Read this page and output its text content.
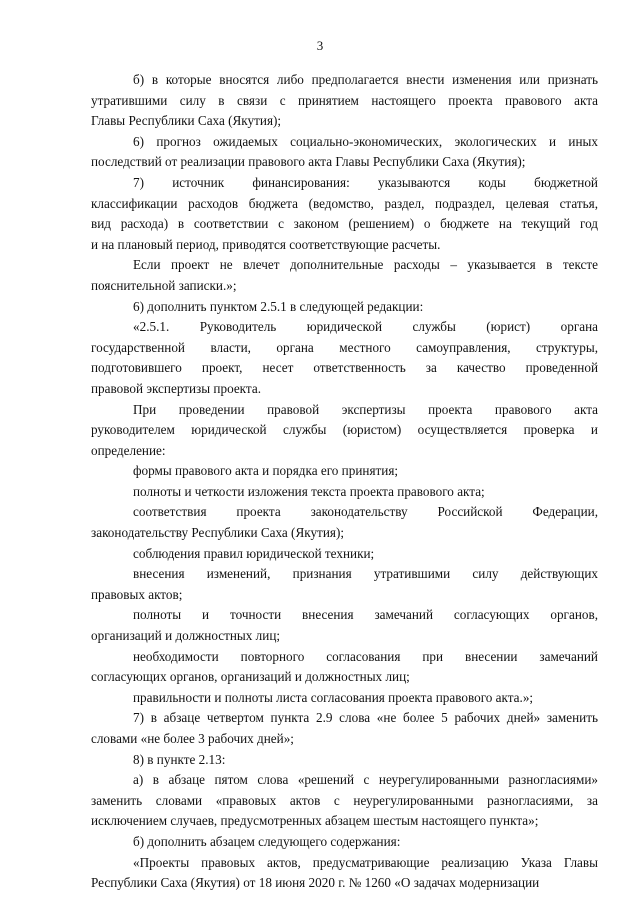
3
б) в которые вносятся либо предполагается внести изменения или признать
утратившими силу в связи с принятием настоящего проекта правового акта
Главы Республики Саха (Якутия);
6) прогноз ожидаемых социально-экономических, экологических и иных
последствий от реализации правового акта Главы Республики Саха (Якутия);
7) источник финансирования: указываются коды бюджетной
классификации расходов бюджета (ведомство, раздел, подраздел, целевая статья,
вид расхода) в соответствии с законом (решением) о бюджете на текущий год
и на плановый период, приводятся соответствующие расчеты.
Если проект не влечет дополнительные расходы – указывается в тексте
пояснительной записки.»;
6) дополнить пунктом 2.5.1 в следующей редакции:
«2.5.1. Руководитель юридической службы (юрист) органа
государственной власти, органа местного самоуправления, структуры,
подготовившего проект, несет ответственность за качество проведенной
правовой экспертизы проекта.
При проведении правовой экспертизы проекта правового акта
руководителем юридической службы (юристом) осуществляется проверка и
определение:
формы правового акта и порядка его принятия;
полноты и четкости изложения текста проекта правового акта;
соответствия проекта законодательству Российской Федерации,
законодательству Республики Саха (Якутия);
соблюдения правил юридической техники;
внесения изменений, признания утратившими силу действующих
правовых актов;
полноты и точности внесения замечаний согласующих органов,
организаций и должностных лиц;
необходимости повторного согласования при внесении замечаний
согласующих органов, организаций и должностных лиц;
правильности и полноты листа согласования проекта правового акта.»;
7) в абзаце четвертом пункта 2.9 слова «не более 5 рабочих дней» заменить
словами «не более 3 рабочих дней»;
8) в пункте 2.13:
а) в абзаце пятом слова «решений с неурегулированными разногласиями»
заменить словами «правовых актов с неурегулированными разногласиями, за
исключением случаев, предусмотренных абзацем шестым настоящего пункта»;
б) дополнить абзацем следующего содержания:
«Проекты правовых актов, предусматривающие реализацию Указа Главы
Республики Саха (Якутия) от 18 июня 2020 г. № 1260 «О задачах модернизации
